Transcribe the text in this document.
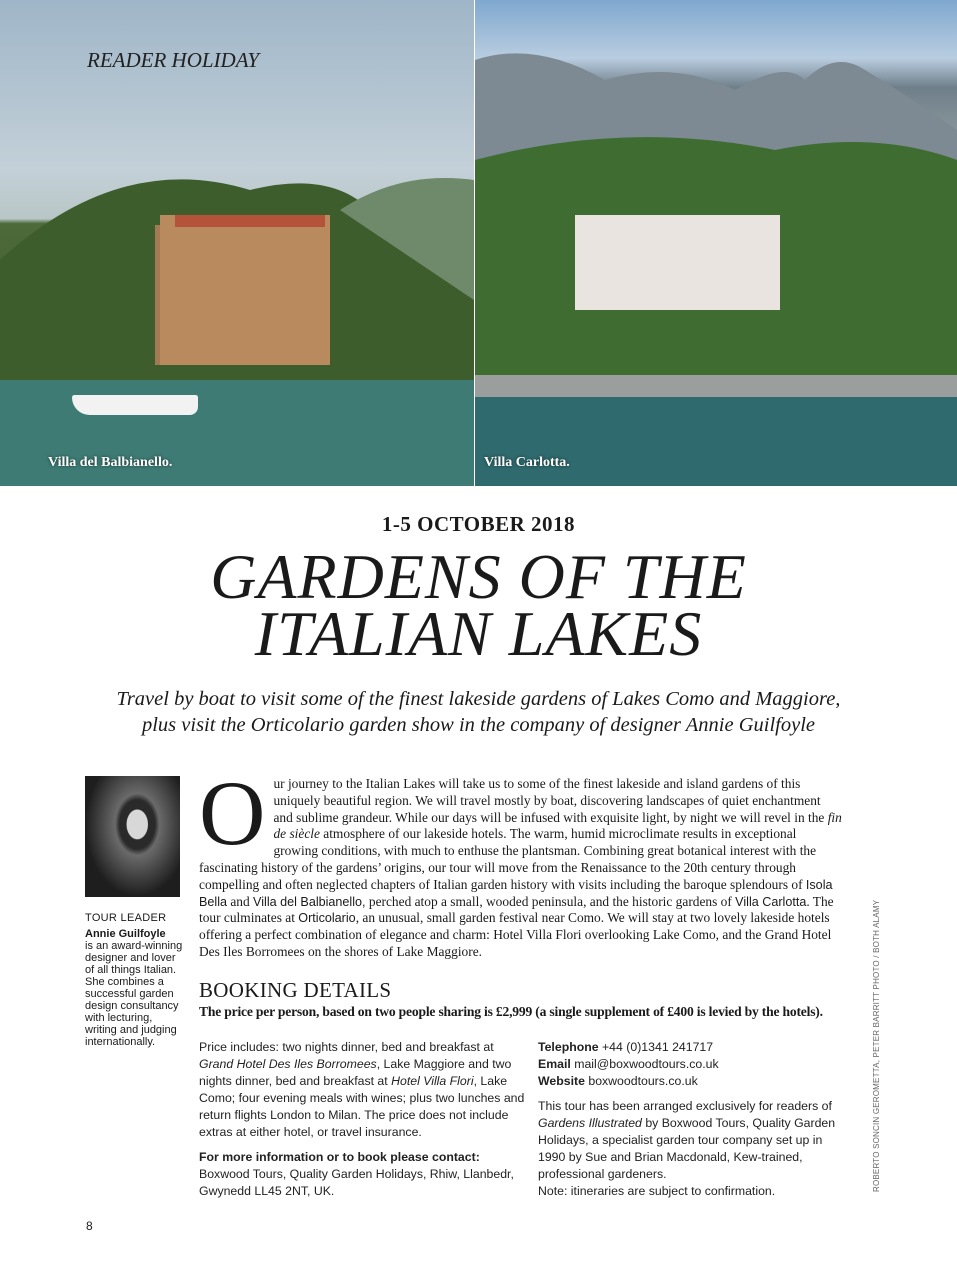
READER HOLIDAY
Villa del Balbianello.	Villa Carlotta.
1-5 OCTOBER 2018
GARDENS OF THE
ITALIAN LAKES
Travel by boat to visit some of the finest lakeside gardens of Lakes Como and Maggiore,
plus visit the Orticolario garden show in the company of designer Annie Guilfoyle
TOUR LEADER
Annie Guilfoyle
is an award-winning designer and lover of all things Italian. She combines a successful garden design consultancy with lecturing, writing and judging internationally.
Our journey to the Italian Lakes will take us to some of the finest lakeside and island gardens of this uniquely beautiful region. We will travel mostly by boat, discovering landscapes of quiet enchantment and sublime grandeur. While our days will be infused with exquisite light, by night we will revel in the fin de siècle atmosphere of our lakeside hotels. The warm, humid microclimate results in exceptional growing conditions, with much to enthuse the plantsman. Combining great botanical interest with the fascinating history of the gardens’ origins, our tour will move from the Renaissance to the 20th century through compelling and often neglected chapters of Italian garden history with visits including the baroque splendours of Isola Bella and Villa del Balbianello, perched atop a small, wooded peninsula, and the historic gardens of Villa Carlotta. The tour culminates at Orticolario, an unusual, small garden festival near Como. We will stay at two lovely lakeside hotels offering a perfect combination of elegance and charm: Hotel Villa Flori overlooking Lake Como, and the Grand Hotel Des Iles Borromees on the shores of Lake Maggiore.
BOOKING DETAILS
The price per person, based on two people sharing is £2,999 (a single supplement of £400 is levied by the hotels).

Price includes: two nights dinner, bed and breakfast at Grand Hotel Des Iles Borromees, Lake Maggiore and two nights dinner, bed and breakfast at Hotel Villa Flori, Lake Como; four evening meals with wines; plus two lunches and return flights London to Milan. The price does not include extras at either hotel, or travel insurance.

For more information or to book please contact:
Boxwood Tours, Quality Garden Holidays, Rhiw, Llanbedr, Gwynedd LL45 2NT, UK.

Telephone +44 (0)1341 241717
Email mail@boxwoodtours.co.uk
Website boxwoodtours.co.uk

This tour has been arranged exclusively for readers of Gardens Illustrated by Boxwood Tours, Quality Garden Holidays, a specialist garden tour company set up in 1990 by Sue and Brian Macdonald, Kew-trained, professional gardeners.
Note: itineraries are subject to confirmation.	ROBERTO SONCIN GEROMETTA, PETER BARRITT PHOTO / BOTH ALAMY
8
